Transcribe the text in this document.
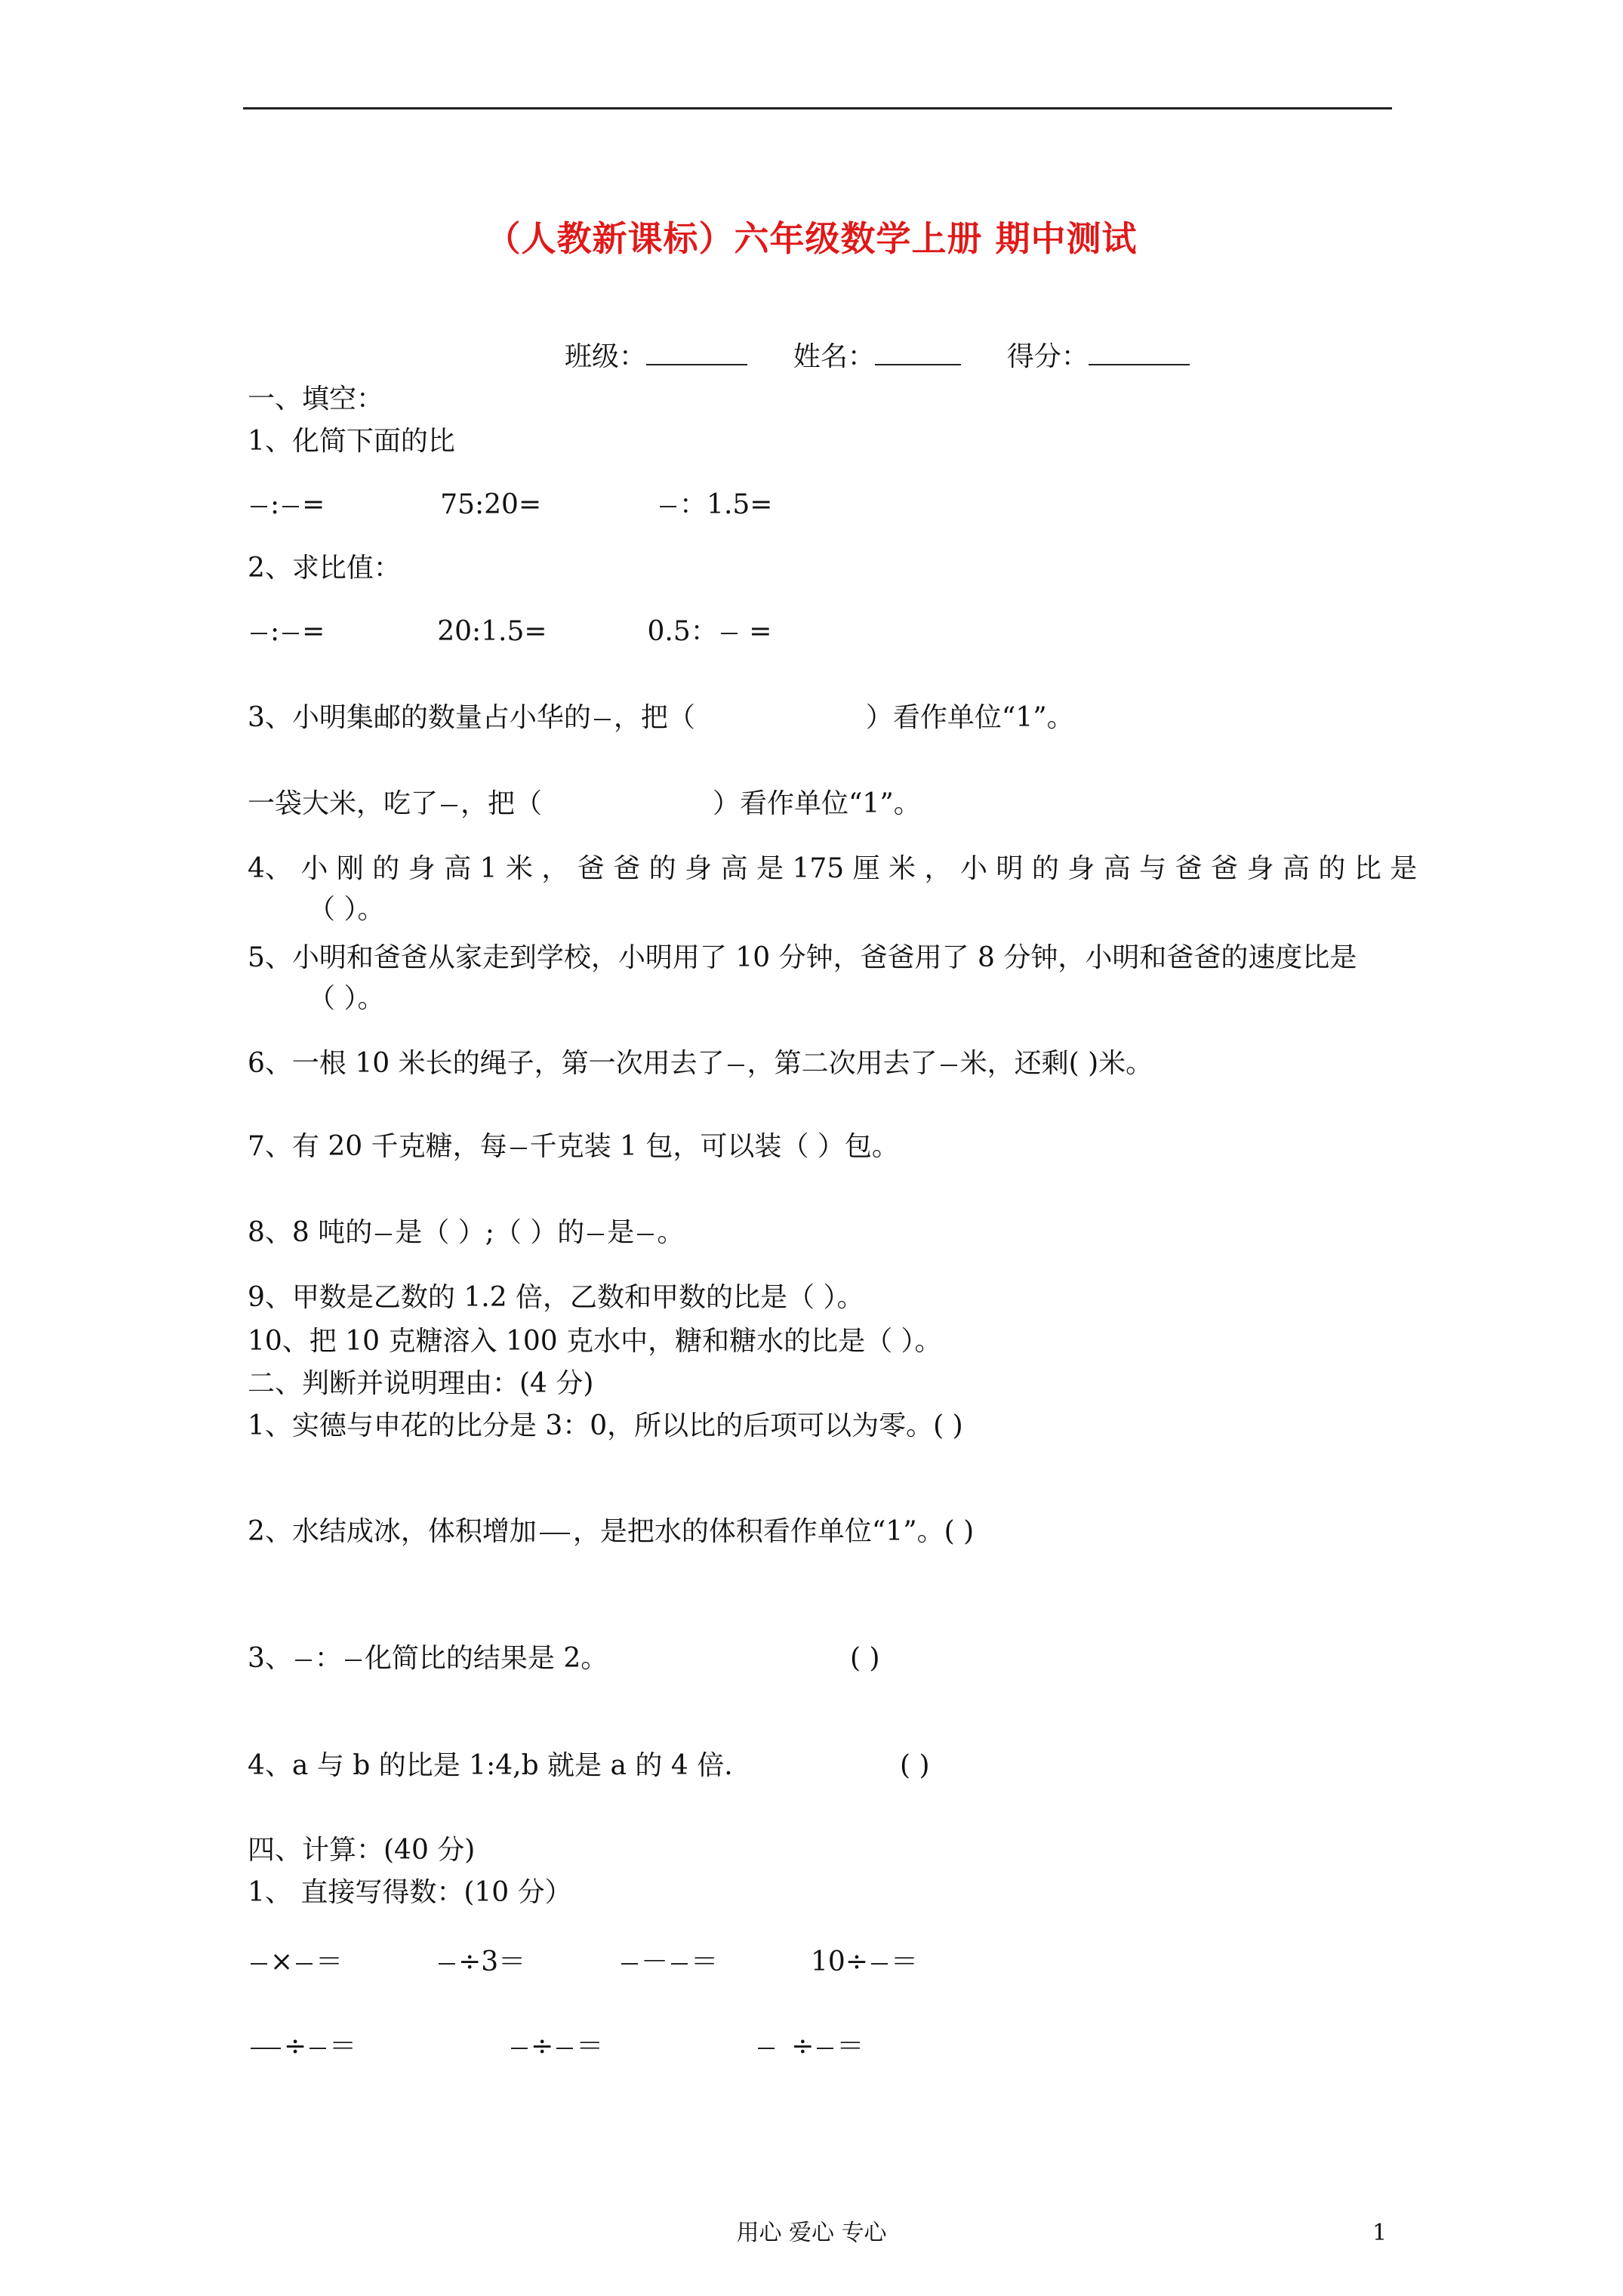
（人教新课标）六年级数学上册 期中测试
班级：	姓名：	得分：
一、填空：
1、化简下面的比
: =	75:20=	：1.5=
2、求比值：
: =	20:1.5=	0.5： =
3、小明集邮的数量占小华的 ，把（	）看作单位“1”。
一袋大米，吃了 ，把（	）看作单位“1”。
4、 小 刚 的 身 高 1 米 ， 爸 爸 的 身 高 是 175 厘 米 ， 小 明 的 身 高 与 爸 爸 身 高 的 比 是
（ ）。
5、小明和爸爸从家走到学校，小明用了 10 分钟，爸爸用了 8 分钟，小明和爸爸的速度比是
（ ）。
6、一根 10 米长的绳子，第一次用去了 ，第二次用去了 米，还剩( )米。
7、有 20 千克糖，每 千克装 1 包，可以装（ ）包。
8、8 吨的 是（ ）;（ ）的 是 。
9、甲数是乙数的 1.2 倍，乙数和甲数的比是（ ）。
10、把 10 克糖溶入 100 克水中，糖和糖水的比是（ ）。
二、判断并说明理由：(4 分)
1、实德与申花的比分是 3：0，所以比的后项可以为零。( )
2、水结成冰，体积增加 ，是把水的体积看作单位“1”。( )
3、 ： 化简比的结果是 2。	( )
4、a 与 b 的比是 1:4,b 就是 a 的 4 倍.	( )
四、计算：(40 分)
1、 直接写得数：(10 分）
× ＝	÷3＝	－ ＝	10÷ ＝
÷ ＝	÷ ＝	÷ ＝
用心 爱心 专心	1
